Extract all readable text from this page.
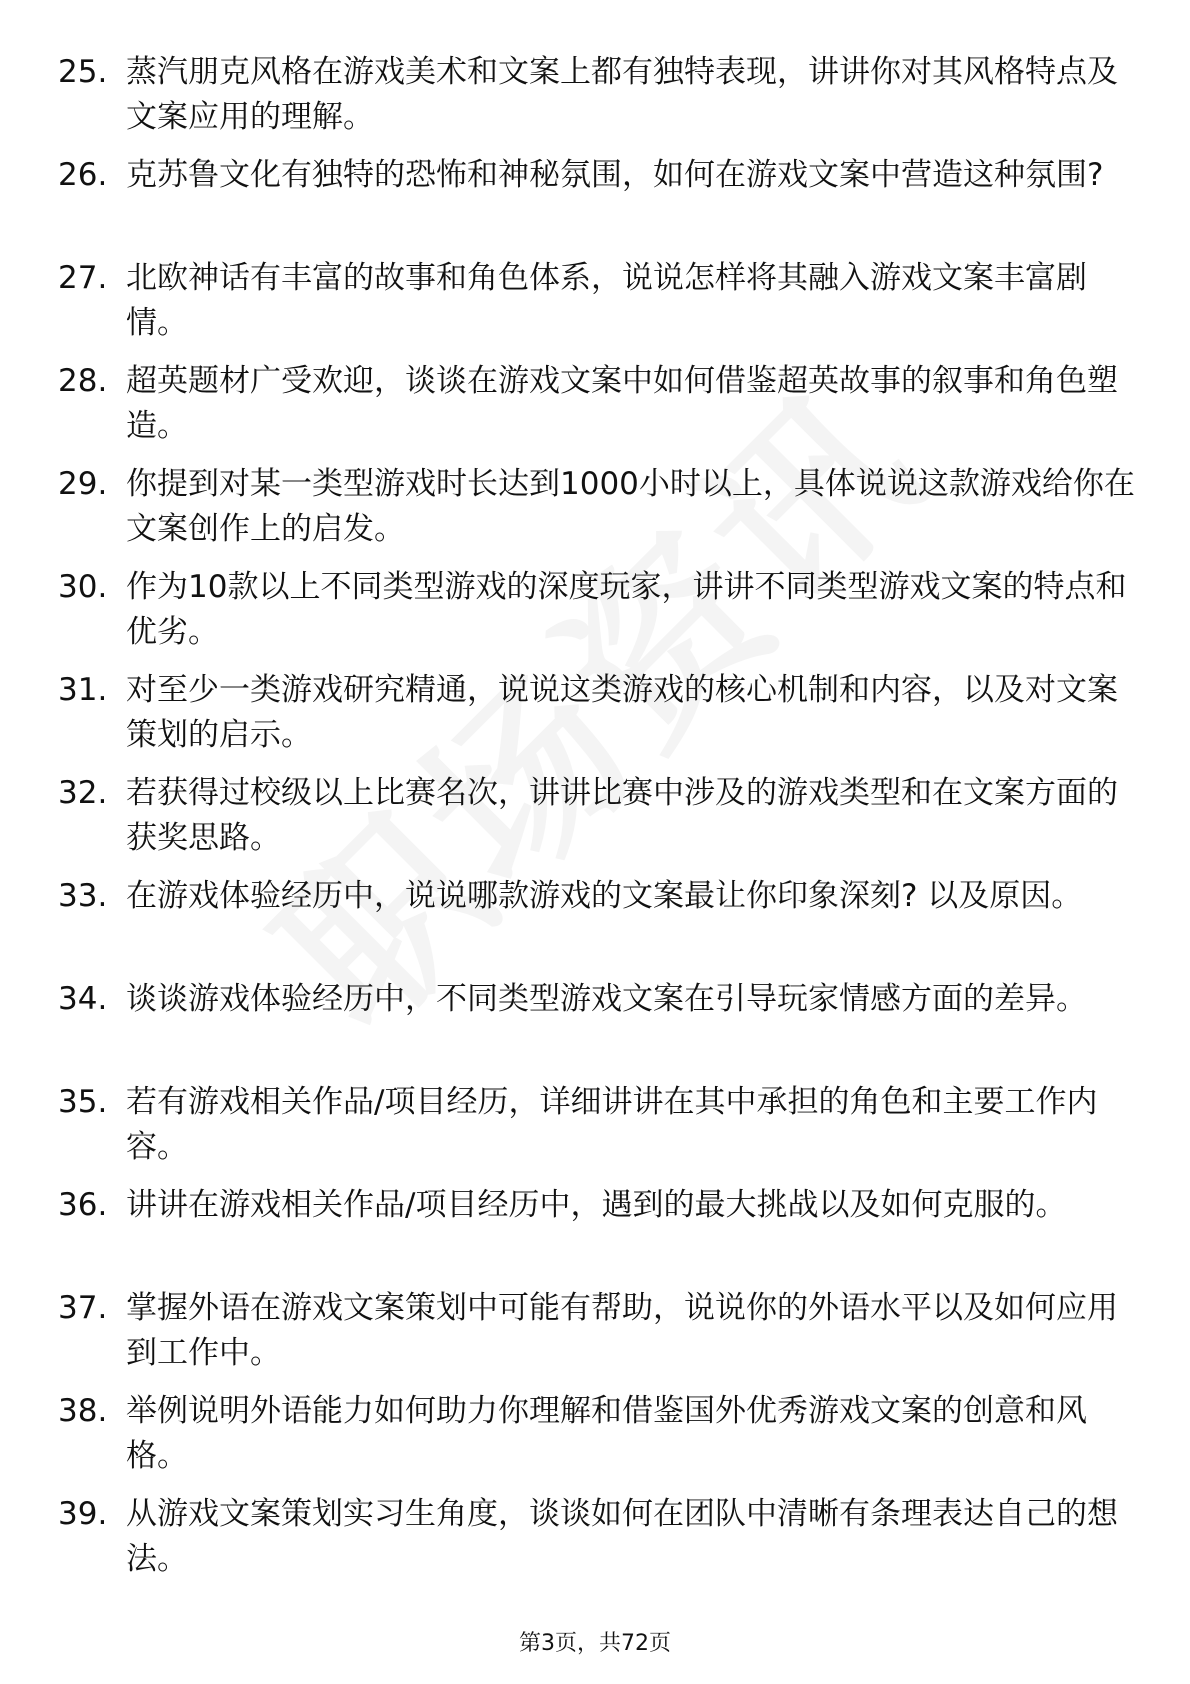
25. 蒸汽朋克风格在游戏美术和文案上都有独特表现，讲讲你对其风格特点及文案应用的理解。
26. 克苏鲁文化有独特的恐怖和神秘氛围，如何在游戏文案中营造这种氛围?
27. 北欧神话有丰富的故事和角色体系，说说怎样将其融入游戏文案丰富剧情。
28. 超英题材广受欢迎，谈谈在游戏文案中如何借鉴超英故事的叙事和角色塑造。
29. 你提到对某一类型游戏时长达到1000小时以上，具体说说这款游戏给你在文案创作上的启发。
30. 作为10款以上不同类型游戏的深度玩家，讲讲不同类型游戏文案的特点和优劣。
31. 对至少一类游戏研究精通，说说这类游戏的核心机制和内容，以及对文案策划的启示。
32. 若获得过校级以上比赛名次，讲讲比赛中涉及的游戏类型和在文案方面的获奖思路。
33. 在游戏体验经历中，说说哪款游戏的文案最让你印象深刻? 以及原因。
34. 谈谈游戏体验经历中，不同类型游戏文案在引导玩家情感方面的差异。
35. 若有游戏相关作品/项目经历，详细讲讲在其中承担的角色和主要工作内容。
36. 讲讲在游戏相关作品/项目经历中，遇到的最大挑战以及如何克服的。
37. 掌握外语在游戏文案策划中可能有帮助，说说你的外语水平以及如何应用到工作中。
38. 举例说明外语能力如何助力你理解和借鉴国外优秀游戏文案的创意和风格。
39. 从游戏文案策划实习生角度，谈谈如何在团队中清晰有条理表达自己的想法。
第3页，共72页
